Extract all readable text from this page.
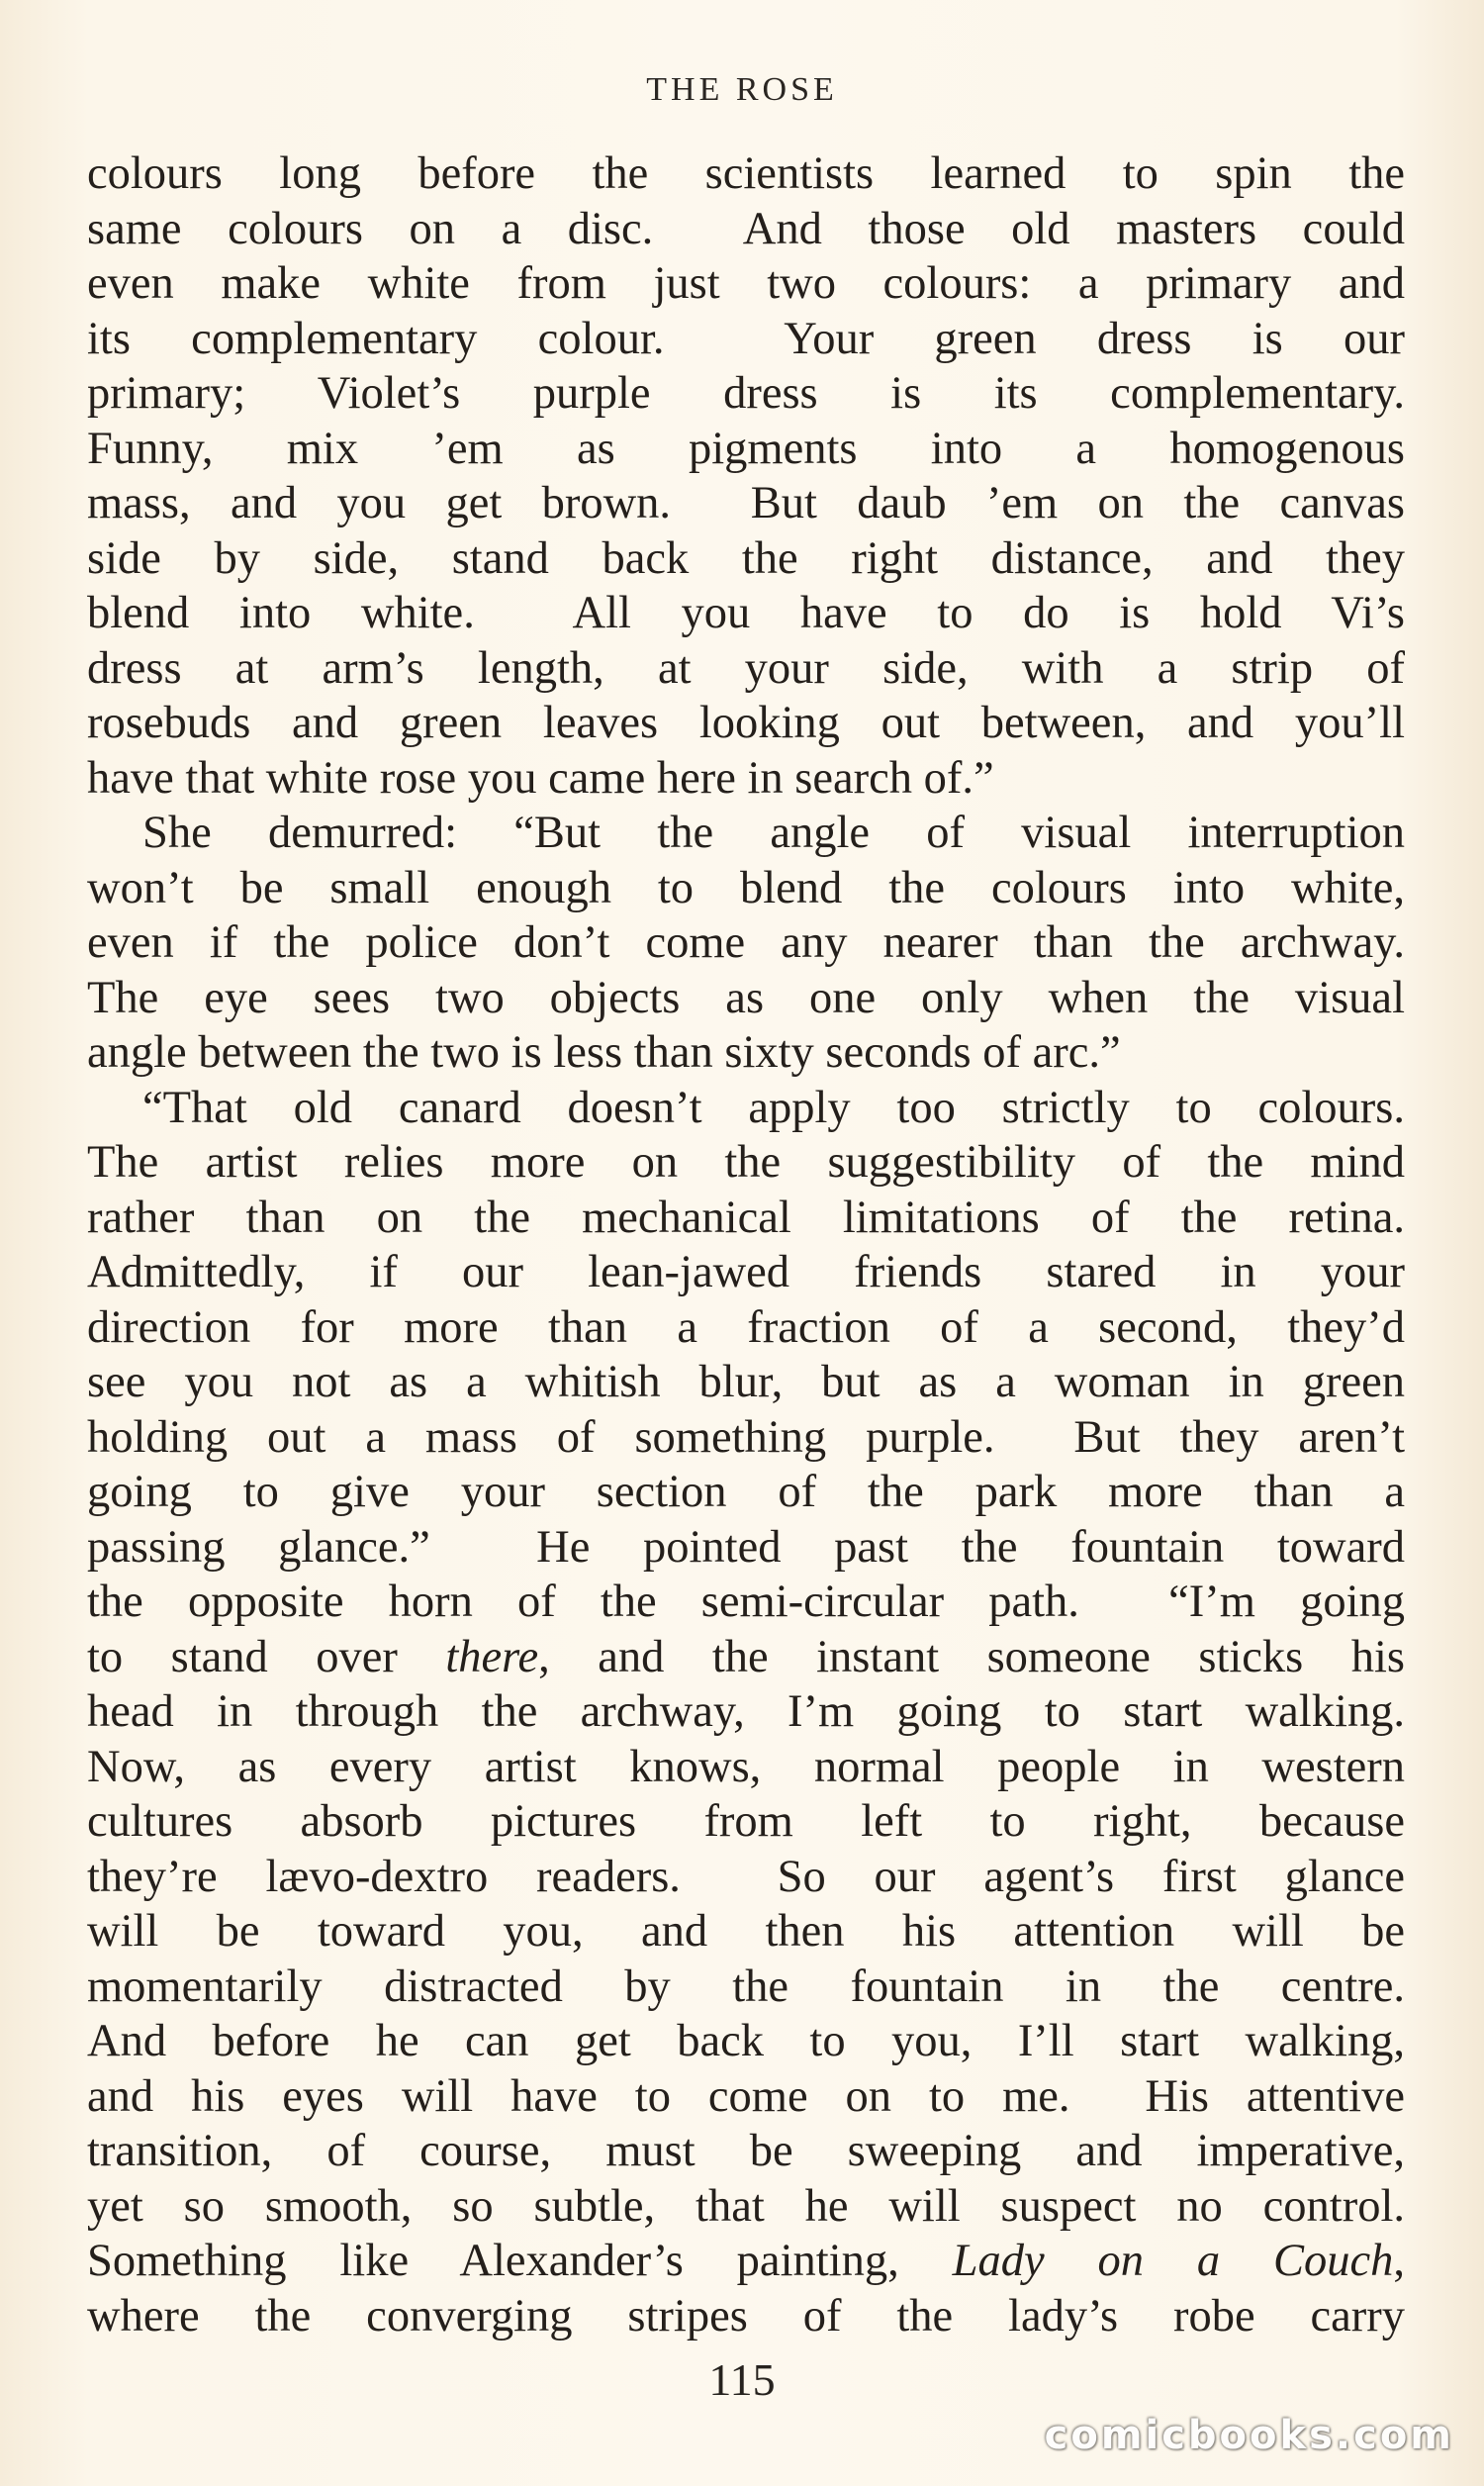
THE ROSE
colours long before the scientists learned to spin the
same colours on a disc.  And those old masters could
even make white from just two colours: a primary and
its complementary colour.  Your green dress is our
primary; Violet’s purple dress is its complementary.
Funny, mix ’em as pigments into a homogenous
mass, and you get brown.  But daub ’em on the canvas
side by side, stand back the right distance, and they
blend into white.  All you have to do is hold Vi’s
dress at arm’s length, at your side, with a strip of
rosebuds and green leaves looking out between, and you’ll
have that white rose you came here in search of.”
She demurred: “But the angle of visual interruption
won’t be small enough to blend the colours into white,
even if the police don’t come any nearer than the archway.
The eye sees two objects as one only when the visual
angle between the two is less than sixty seconds of arc.”
“That old canard doesn’t apply too strictly to colours.
The artist relies more on the suggestibility of the mind
rather than on the mechanical limitations of the retina.
Admittedly, if our lean-jawed friends stared in your
direction for more than a fraction of a second, they’d
see you not as a whitish blur, but as a woman in green
holding out a mass of something purple.  But they aren’t
going to give your section of the park more than a
passing glance.”  He pointed past the fountain toward
the opposite horn of the semi-circular path.  “I’m going
to stand over there, and the instant someone sticks his
head in through the archway, I’m going to start walking.
Now, as every artist knows, normal people in western
cultures absorb pictures from left to right, because
they’re lævo-dextro readers.  So our agent’s first glance
will be toward you, and then his attention will be
momentarily distracted by the fountain in the centre.
And before he can get back to you, I’ll start walking,
and his eyes will have to come on to me.  His attentive
transition, of course, must be sweeping and imperative,
yet so smooth, so subtle, that he will suspect no control.
Something like Alexander’s painting, Lady on a Couch,
where the converging stripes of the lady’s robe carry
115
comicbooks.com
